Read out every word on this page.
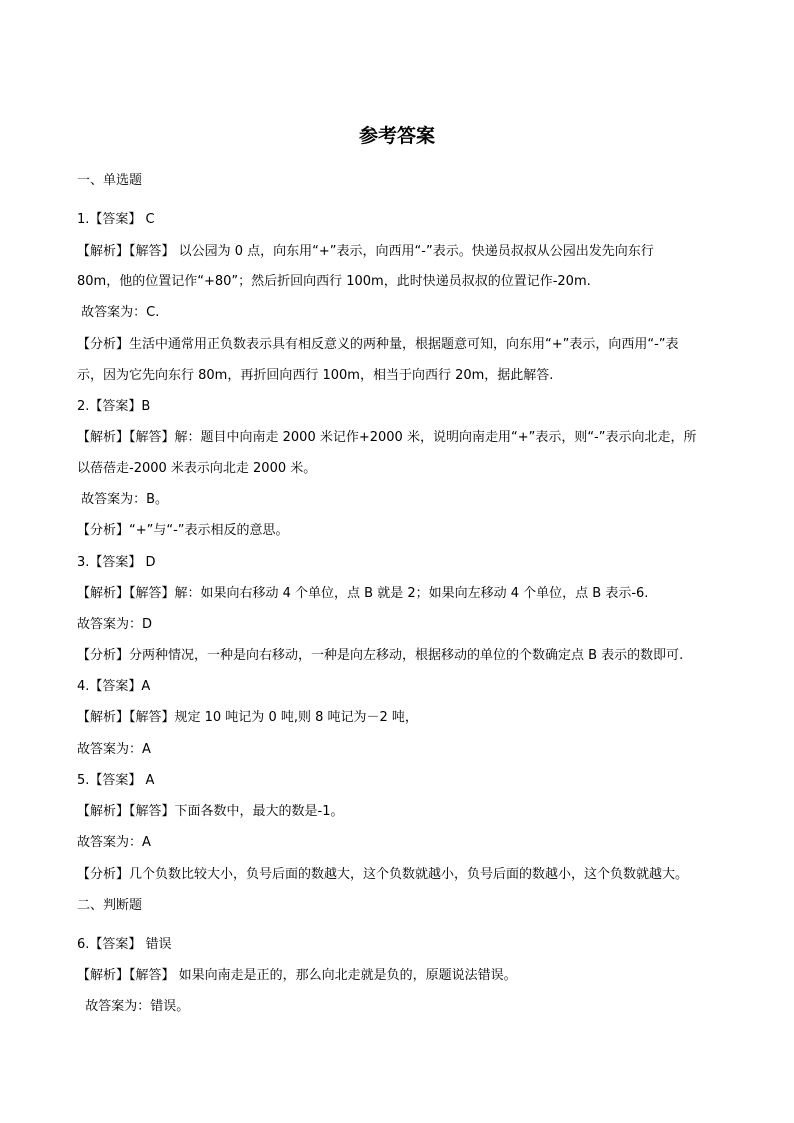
参考答案
一、单选题
1.【答案】 C
【解析】【解答】 以公园为 0 点，向东用“+”表示，向西用“-”表示。快递员叔叔从公园出发先向东行
80m，他的位置记作“+80”；然后折回向西行 100m，此时快递员叔叔的位置记作-20m.
故答案为：C.
【分析】生活中通常用正负数表示具有相反意义的两种量，根据题意可知，向东用“+”表示，向西用“-”表
示，因为它先向东行 80m，再折回向西行 100m，相当于向西行 20m，据此解答.
2.【答案】B
【解析】【解答】解：题目中向南走 2000 米记作+2000 米，说明向南走用“+”表示，则“-”表示向北走，所
以蓓蓓走-2000 米表示向北走 2000 米。
故答案为：B。
【分析】“+”与“-”表示相反的意思。
3.【答案】 D
【解析】【解答】解：如果向右移动 4 个单位，点 B 就是 2；如果向左移动 4 个单位，点 B 表示-6.
故答案为：D
【分析】分两种情况，一种是向右移动，一种是向左移动，根据移动的单位的个数确定点 B 表示的数即可.
4.【答案】A
【解析】【解答】规定 10 吨记为 0 吨,则 8 吨记为－2 吨，
故答案为：A
5.【答案】 A
【解析】【解答】下面各数中，最大的数是-1。
故答案为：A
【分析】几个负数比较大小，负号后面的数越大，这个负数就越小，负号后面的数越小，这个负数就越大。
二、判断题
6.【答案】 错误
【解析】【解答】 如果向南走是正的，那么向北走就是负的，原题说法错误。
故答案为：错误。
